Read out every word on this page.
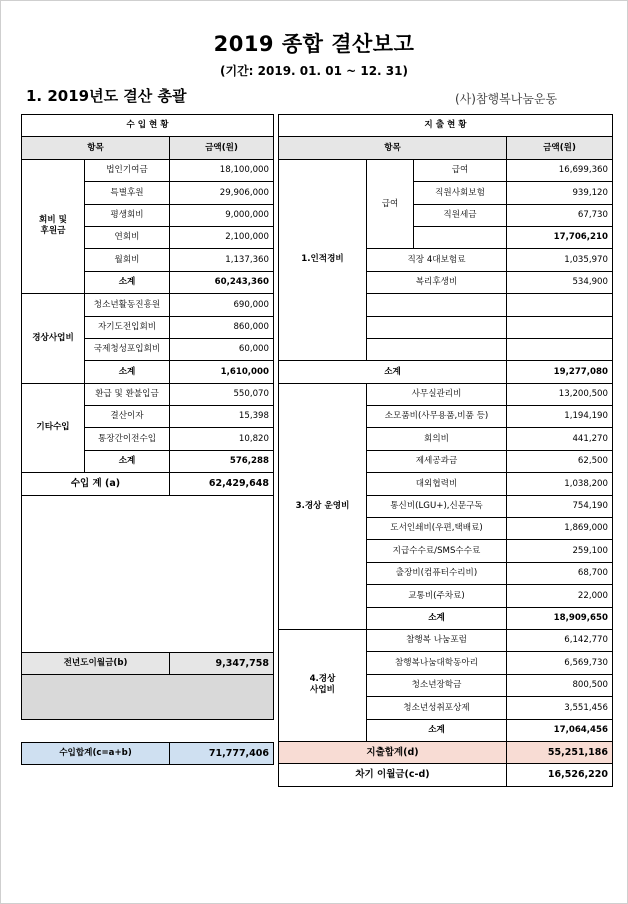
2019 종합 결산보고
(기간: 2019. 01. 01 ~ 12. 31)
1. 2019년도 결산 총괄	(사)참행복나눔운동
수 입 현 황		
항목		금액(원)
회비 및
후원금	법인기여금	18,100,000
	특별후원	29,906,000
	평생회비	9,000,000
	연회비	2,100,000
	월회비	1,137,360
	소계	60,243,360
경상사업비	청소년활동진흥원	690,000
	자기도전입회비	860,000
	국제청성포입회비	60,000
	소계	1,610,000
기타수입	환급 및 환불입금	550,070
	결산이자	15,398
	통장간이전수입	10,820
	소계	576,288
수입 계 (a)		62,429,648

전년도이월금(b)		9,347,758

수입합계(c=a+b)	71,777,406
지 출 현 황			
항목			금액(원)
1.인적경비	급여	급여	16,699,360
		직원사회보험	939,120
		직원세금	67,730
			17,706,210
	직장 4대보험료		1,035,970
	복리후생비		534,900

소계			19,277,080
3.경상 운영비	사무실관리비		13,200,500
	소모품비(사무용품,비품 등)		1,194,190
	회의비		441,270
	제세공과금		62,500
	대외협력비		1,038,200
	통신비(LGU+),신문구독		754,190
	도서인쇄비(우편,택배료)		1,869,000
	지급수수료/SMS수수료		259,100
	출장비(컴퓨터수리비)		68,700
	교통비(주차료)		22,000
	소계		18,909,650
4.경상
사업비	참행복 나눔포럼		6,142,770
	참행복나눔대학동아리		6,569,730
	청소년장학금		800,500
	청소년성취포상제		3,551,456
	소계		17,064,456
지출합계(d)			55,251,186
차기 이월금(c-d)			16,526,220
